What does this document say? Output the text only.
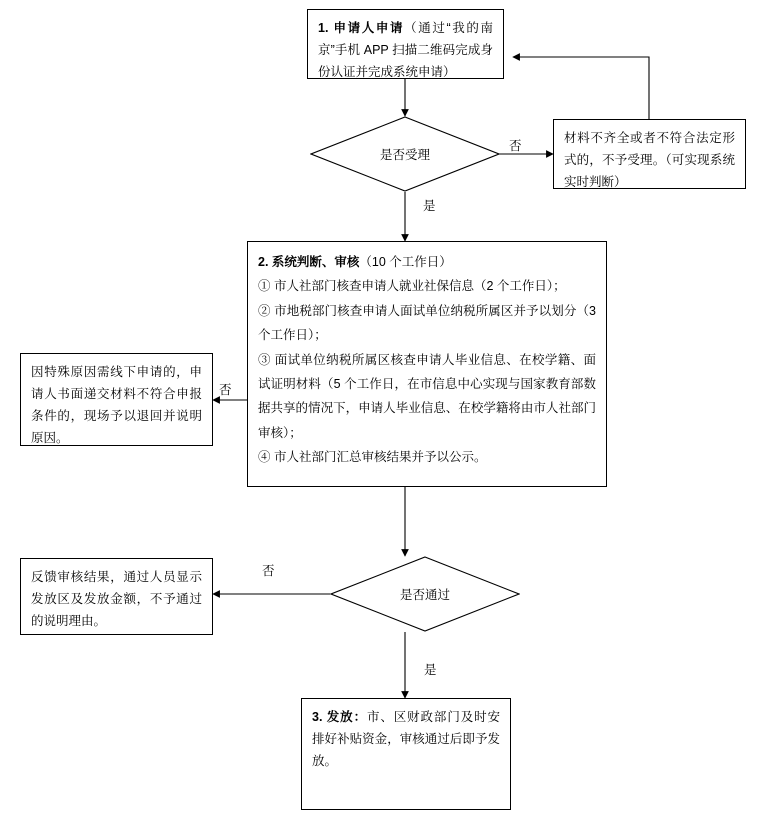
1. 申请人申请（通过“我的南京”手机 APP 扫描二维码完成身份认证并完成系统申请）

是否受理
否
是

材料不齐全或者不符合法定形式的，不予受理。（可实现系统实时判断）

2. 系统判断、审核（10 个工作日）

① 市人社部门核查申请人就业社保信息（2 个工作日）；

② 市地税部门核查申请人面试单位纳税所属区并予以划分（3 个工作日）；

③ 面试单位纳税所属区核查申请人毕业信息、在校学籍、面试证明材料（5 个工作日，在市信息中心实现与国家教育部数据共享的情况下，申请人毕业信息、在校学籍将由市人社部门审核）；

④ 市人社部门汇总审核结果并予以公示。

否

因特殊原因需线下申请的，申请人书面递交材料不符合申报条件的，现场予以退回并说明原因。

是否通过
否
是

反馈审核结果，通过人员显示发放区及发放金额，不予通过的说明理由。

3. 发放：市、区财政部门及时安排好补贴资金，审核通过后即予发放。
